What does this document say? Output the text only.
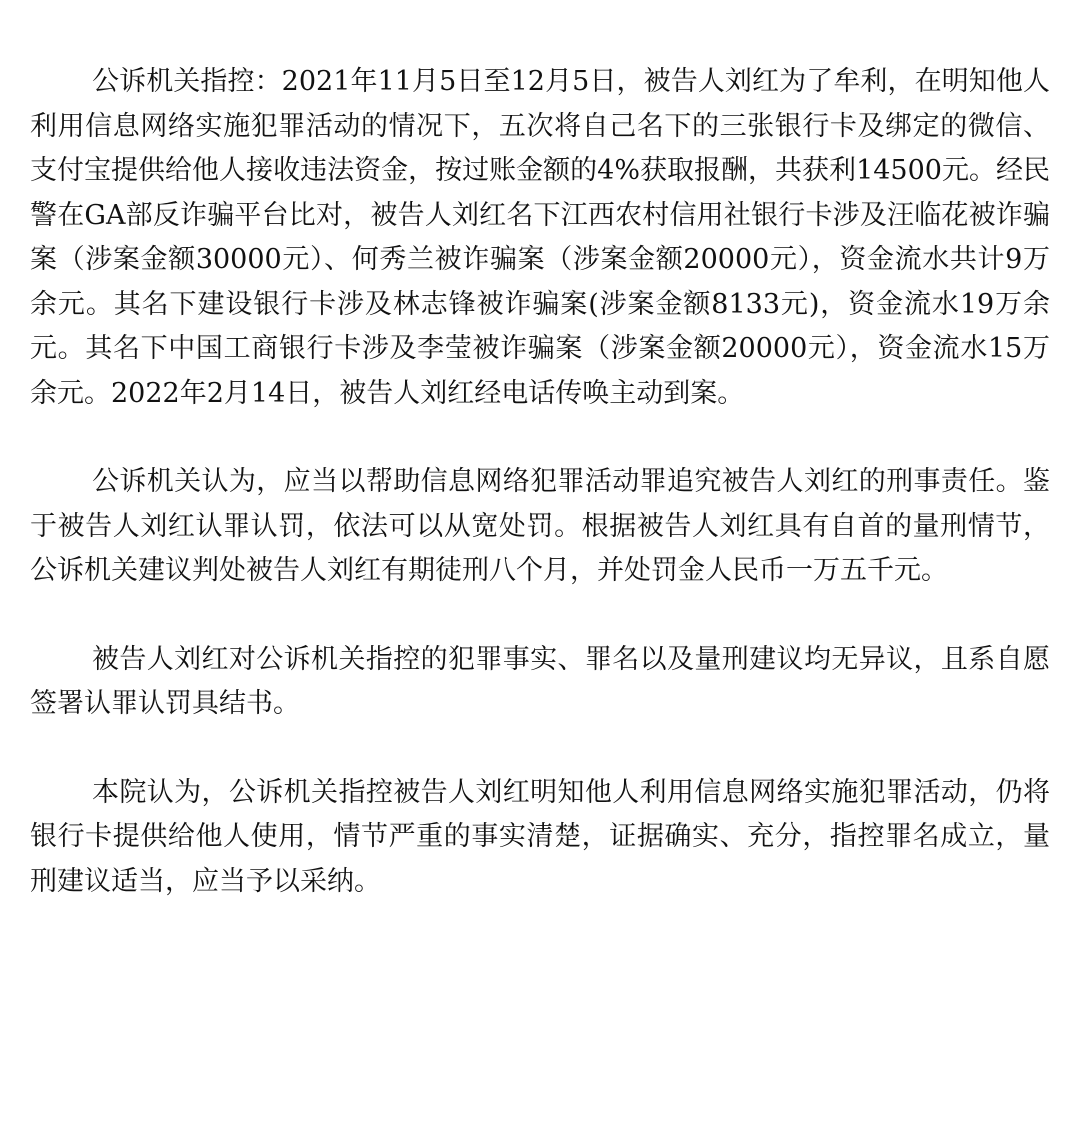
公诉机关指控：2021年11月5日至12月5日，被告人刘红为了牟利，在明知他人利用信息网络实施犯罪活动的情况下，五次将自己名下的三张银行卡及绑定的微信、支付宝提供给他人接收违法资金，按过账金额的4%获取报酬，共获利14500元。经民警在GA部反诈骗平台比对，被告人刘红名下江西农村信用社银行卡涉及汪临花被诈骗案（涉案金额30000元）、何秀兰被诈骗案（涉案金额20000元），资金流水共计9万余元。其名下建设银行卡涉及林志锋被诈骗案(涉案金额8133元)，资金流水19万余元。其名下中国工商银行卡涉及李莹被诈骗案（涉案金额20000元），资金流水15万余元。2022年2月14日，被告人刘红经电话传唤主动到案。

公诉机关认为，应当以帮助信息网络犯罪活动罪追究被告人刘红的刑事责任。鉴于被告人刘红认罪认罚，依法可以从宽处罚。根据被告人刘红具有自首的量刑情节，公诉机关建议判处被告人刘红有期徒刑八个月，并处罚金人民币一万五千元。

被告人刘红对公诉机关指控的犯罪事实、罪名以及量刑建议均无异议，且系自愿签署认罪认罚具结书。

本院认为，公诉机关指控被告人刘红明知他人利用信息网络实施犯罪活动，仍将银行卡提供给他人使用，情节严重的事实清楚，证据确实、充分，指控罪名成立，量刑建议适当，应当予以采纳。
